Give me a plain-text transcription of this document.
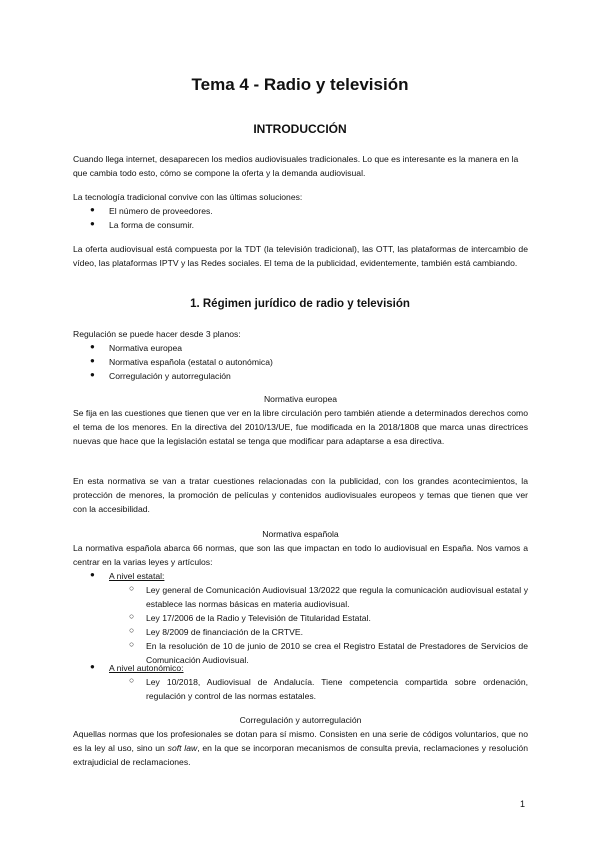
Tema 4 - Radio y televisión
INTRODUCCIÓN
Cuando llega internet, desaparecen los medios audiovisuales tradicionales. Lo que es interesante es la manera en la que cambia todo esto, cómo se compone la oferta y la demanda audiovisual.
La tecnología tradicional convive con las últimas soluciones:
● El número de proveedores.
● La forma de consumir.
La oferta audiovisual está compuesta por la TDT (la televisión tradicional), las OTT, las plataformas de intercambio de vídeo, las plataformas IPTV y las Redes sociales. El tema de la publicidad, evidentemente, también está cambiando.
1. Régimen jurídico de radio y televisión
Regulación se puede hacer desde 3 planos:
● Normativa europea
● Normativa española (estatal o autonómica)
● Corregulación y autorregulación
Normativa europea
Se fija en las cuestiones que tienen que ver en la libre circulación pero también atiende a determinados derechos como el tema de los menores. En la directiva del 2010/13/UE, fue modificada en la 2018/1808 que marca unas directrices nuevas que hace que la legislación estatal se tenga que modificar para adaptarse a esa directiva.
En esta normativa se van a tratar cuestiones relacionadas con la publicidad, con los grandes acontecimientos, la protección de menores, la promoción de películas y contenidos audiovisuales europeos y temas que tienen que ver con la accesibilidad.
Normativa española
La normativa española abarca 66 normas, que son las que impactan en todo lo audiovisual en España. Nos vamos a centrar en la varias leyes y artículos:
● A nivel estatal:
○ Ley general de Comunicación Audiovisual 13/2022 que regula la comunicación audiovisual estatal y establece las normas básicas en materia audiovisual.
○ Ley 17/2006 de la Radio y Televisión de Titularidad Estatal.
○ Ley 8/2009 de financiación de la CRTVE.
○ En la resolución de 10 de junio de 2010 se crea el Registro Estatal de Prestadores de Servicios de Comunicación Audiovisual.
● A nivel autonómico:
○ Ley 10/2018, Audiovisual de Andalucía. Tiene competencia compartida sobre ordenación, regulación y control de las normas estatales.
Corregulación y autorregulación
Aquellas normas que los profesionales se dotan para sí mismo. Consisten en una serie de códigos voluntarios, que no es la ley al uso, sino un soft law, en la que se incorporan mecanismos de consulta previa, reclamaciones y resolución extrajudicial de reclamaciones.
1
